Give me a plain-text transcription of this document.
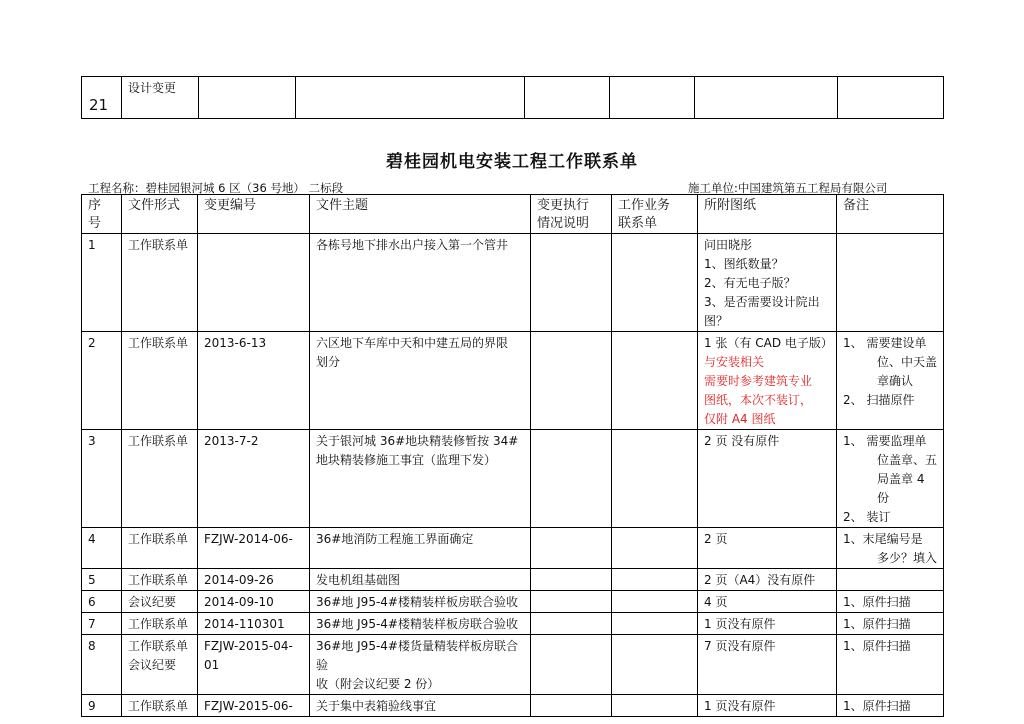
21	设计变更						
碧桂园机电安装工程工作联系单
工程名称：碧桂园银河城 6 区（36 号地） 二标段	施工单位:中国建筑第五工程局有限公司
序
号	文件形式	变更编号	文件主题	变更执行
情况说明	工作业务
联系单	所附图纸	备注
1	工作联系单		各栋号地下排水出户接入第一个管井			问田晓彤
1、图纸数量？
2、有无电子版？
3、是否需要设计院出
图？	

2	工作联系单	2013-6-13	六区地下车库中天和中建五局的界限
划分			1 张（有 CAD 电子版）
与安装相关
需要时参考建筑专业
图纸，本次不装订，
仅附 A4 图纸	1、 需要建设单
位、中天盖
章确认
2、 扫描原件

3	工作联系单	2013-7-2	关于银河城 36#地块精装修暂按 34#
地块精装修施工事宜（监理下发）			2 页 没有原件	1、 需要监理单
位盖章、五
局盖章 4 份
2、 装订

4	工作联系单	FZJW-2014-06-	36#地消防工程施工界面确定			2 页	1、末尾编号是
多少？填入

5	工作联系单	2014-09-26	发电机组基础图			2 页（A4）没有原件	
6	会议纪要	2014-09-10	36#地 J95-4#楼精装样板房联合验收			4 页	1、原件扫描
7	工作联系单	2014-110301	36#地 J95-4#楼精装样板房联合验收			1 页没有原件	1、原件扫描
8	工作联系单
会议纪要	FZJW-2015-04-
01	36#地 J95-4#楼货量精装样板房联合验
收（附会议纪要 2 份）			7 页没有原件	1、原件扫描
9	工作联系单	FZJW-2015-06-	关于集中表箱验线事宜			1 页没有原件	1、原件扫描
